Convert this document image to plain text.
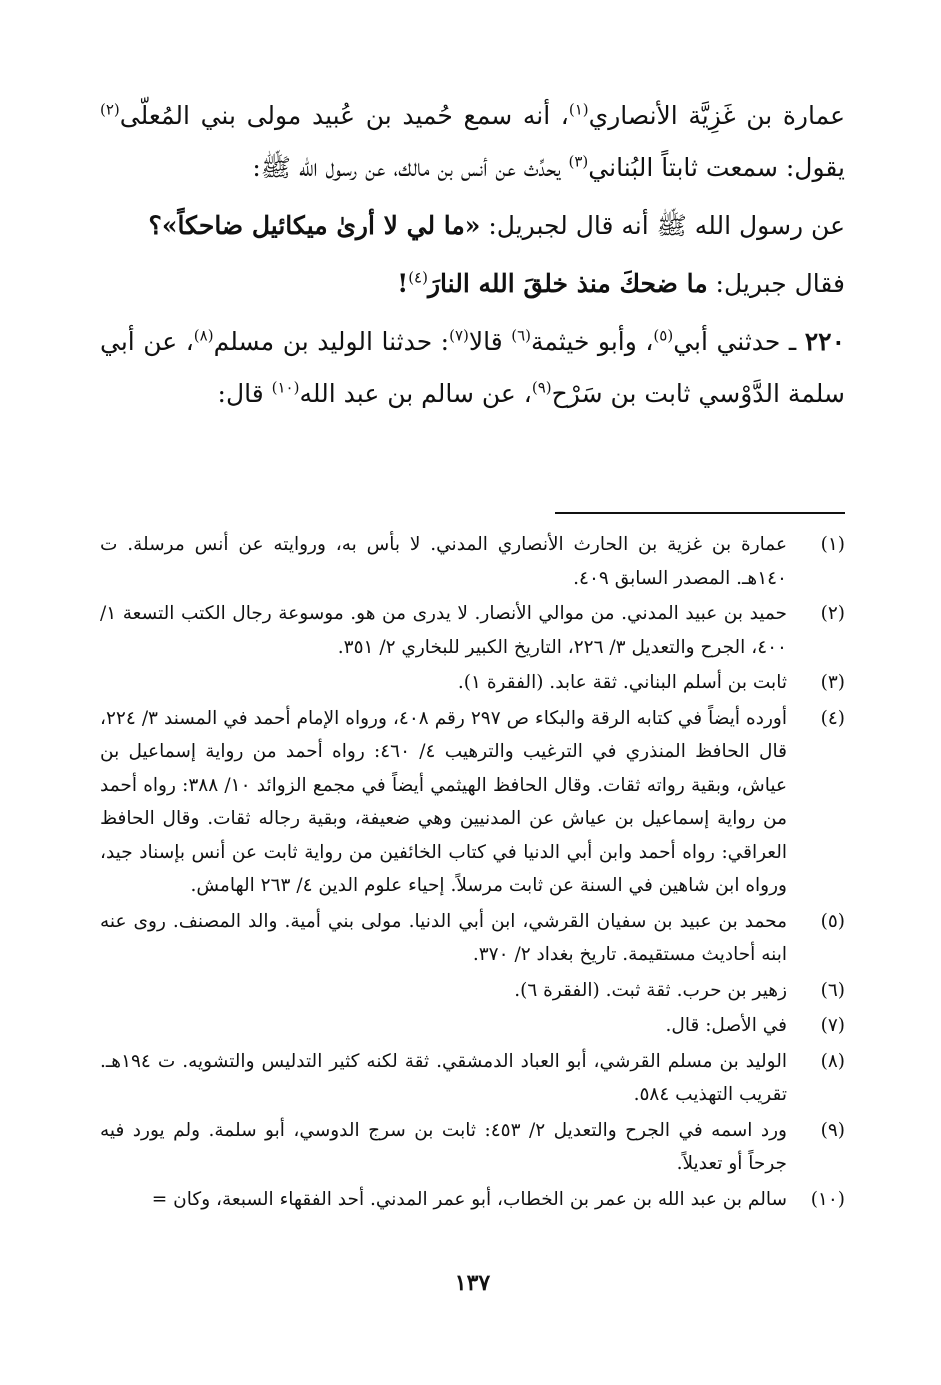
عمارة بن غَزِيَّة الأنصاري$^{(١)}$، أنه سمع حُميد بن عُبيد مولى بني المُعلّى$^{(٢)}$ يقول: سمعت ثابتاً البُناني$^{(٣)}$ يحدِّث عن أنس بن مالك، عن رسول الله ﷺ:

عن رسول الله ﷺ أنه قال لجبريل: «ما لي لا أرىٰ ميكائيل ضاحكاً»؟

فقال جبريل: ما ضحكَ منذ خلقَ الله النارَ$^{(٤)}$!

٢٢٠ ـ حدثني أبي$^{(٥)}$، وأبو خيثمة$^{(٦)}$ قالا$^{(٧)}$: حدثنا الوليد بن مسلم$^{(٨)}$، عن أبي سلمة الدَّوْسي ثابت بن سَرْح$^{(٩)}$، عن سالم بن عبد الله$^{(١٠)}$ قال:

(١)
عمارة بن غزية بن الحارث الأنصاري المدني. لا بأس به، وروايته عن أنس مرسلة. ت ١٤٠هـ. المصدر السابق ٤٠٩.
(٢)
حميد بن عبيد المدني. من موالي الأنصار. لا يدرى من هو. موسوعة رجال الكتب التسعة ١/ ٤٠٠، الجرح والتعديل ٣/ ٢٢٦، التاريخ الكبير للبخاري ٢/ ٣٥١.
(٣)
ثابت بن أسلم البناني. ثقة عابد. (الفقرة ١).
(٤)
أورده أيضاً في كتابه الرقة والبكاء ص ٢٩٧ رقم ٤٠٨، ورواه الإمام أحمد في المسند ٣/ ٢٢٤، قال الحافظ المنذري في الترغيب والترهيب ٤/ ٤٦٠: رواه أحمد من رواية إسماعيل بن عياش، وبقية رواته ثقات. وقال الحافظ الهيثمي أيضاً في مجمع الزوائد ١٠/ ٣٨٨: رواه أحمد من رواية إسماعيل بن عياش عن المدنيين وهي ضعيفة، وبقية رجاله ثقات. وقال الحافظ العراقي: رواه أحمد وابن أبي الدنيا في كتاب الخائفين من رواية ثابت عن أنس بإسناد جيد، ورواه ابن شاهين في السنة عن ثابت مرسلاً. إحياء علوم الدين ٤/ ٢٦٣ الهامش.
(٥)
محمد بن عبيد بن سفيان القرشي، ابن أبي الدنيا. مولى بني أمية. والد المصنف. روى عنه ابنه أحاديث مستقيمة. تاريخ بغداد ٢/ ٣٧٠.
(٦)
زهير بن حرب. ثقة ثبت. (الفقرة ٦).
(٧)
في الأصل: قال.
(٨)
الوليد بن مسلم القرشي، أبو العباد الدمشقي. ثقة لكنه كثير التدليس والتشويه. ت ١٩٤هـ. تقريب التهذيب ٥٨٤.
(٩)
ورد اسمه في الجرح والتعديل ٢/ ٤٥٣: ثابت بن سرج الدوسي، أبو سلمة. ولم يورد فيه جرحاً أو تعديلاً.
(١٠)
سالم بن عبد الله بن عمر بن الخطاب، أبو عمر المدني. أحد الفقهاء السبعة، وكان =
١٣٧
